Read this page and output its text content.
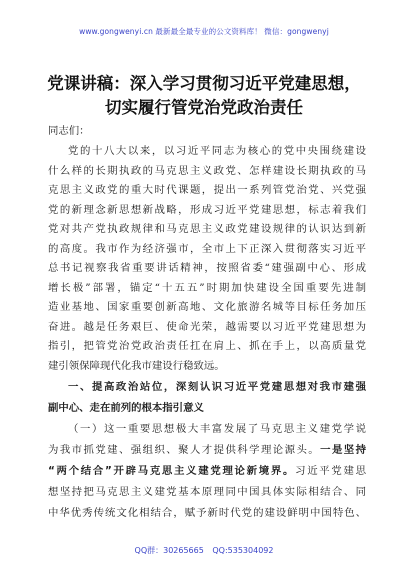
www.gongwenyi.cn 最新最全最专业的公文资料库！ 微信：gongwenyj
党课讲稿：深入学习贯彻习近平党建思想，
切实履行管党治党政治责任
同志们：
党的十八大以来，以习近平同志为核心的党中央围绕建设
什么样的长期执政的马克思主义政党、怎样建设长期执政的马
克思主义政党的重大时代课题，提出一系列管党治党、兴党强
党的新理念新思想新战略，形成习近平党建思想，标志着我们
党对共产党执政规律和马克思主义政党建设规律的认识达到新
的高度。我市作为经济强市，全市上下正深入贯彻落实习近平
总书记视察我省重要讲话精神，按照省委“建强副中心、形成
增长极”部署，锚定“十五五”时期加快建设全国重要先进制
造业基地、国家重要创新高地、文化旅游名城等目标任务加压
奋进。越是任务艰巨、使命光荣，越需要以习近平党建思想为
指引，把管党治党政治责任扛在肩上、抓在手上，以高质量党
建引领保障现代化我市建设行稳致远。
一、提高政治站位，深刻认识习近平党建思想对我市建强
副中心、走在前列的根本指引意义
（一）这一重要思想极大丰富发展了马克思主义建党学说
为我市抓党建、强组织、聚人才提供科学理论源头。一是坚持
“两个结合”开辟马克思主义建党理论新境界。习近平党建思
想坚持把马克思主义建党基本原理同中国具体实际相结合、同
中华优秀传统文化相结合，赋予新时代党的建设鲜明中国特色、
QQ群：30265665 QQ:535304092
